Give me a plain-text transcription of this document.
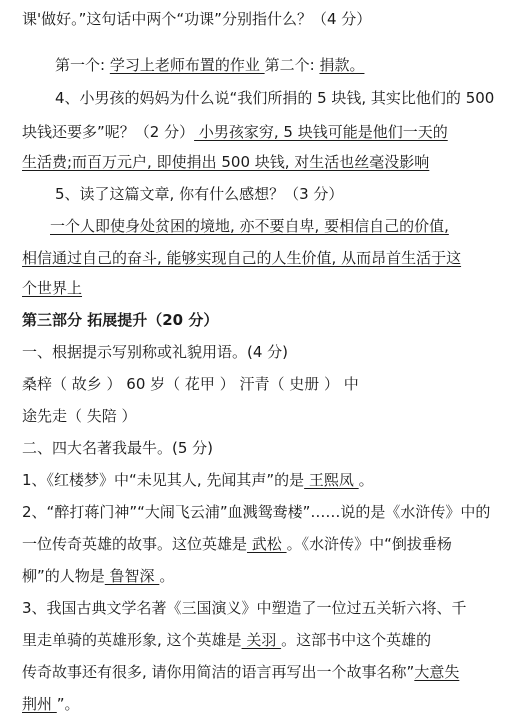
课'做好。”这句话中两个“功课”分别指什么？（4 分）
第一个: 学习上老师布置的作业 第二个: 捐款。
4、小男孩的妈妈为什么说“我们所捐的 5 块钱, 其实比他们的 500
块钱还要多”呢？（2 分） 小男孩家穷, 5 块钱可能是他们一天的
生活费;而百万元户, 即使捐出 500 块钱, 对生活也丝毫没影响
5、读了这篇文章, 你有什么感想？（3 分）
一个人即使身处贫困的境地, 亦不要自卑, 要相信自己的价值,
相信通过自己的奋斗, 能够实现自己的人生价值, 从而昂首生活于这
个世界上
第三部分 拓展提升（20 分）
一、根据提示写别称或礼貌用语。(4 分)
桑梓（ 故乡 ） 60 岁（ 花甲 ） 汗青（ 史册 ） 中
途先走（ 失陪 ）
二、四大名著我最牛。(5 分)
1、《红楼梦》中“未见其人, 先闻其声”的是 王熙凤 。
2、“醉打蒋门神”“大闹飞云浦”血溅鸳鸯楼”……说的是《水浒传》中的
一位传奇英雄的故事。这位英雄是 武松 。《水浒传》中“倒拔垂杨
柳”的人物是 鲁智深 。
3、我国古典文学名著《三国演义》中塑造了一位过五关斩六将、千
里走单骑的英雄形象, 这个英雄是 关羽 。这部书中这个英雄的
传奇故事还有很多, 请你用简洁的语言再写出一个故事名称”大意失
荆州 ”。
